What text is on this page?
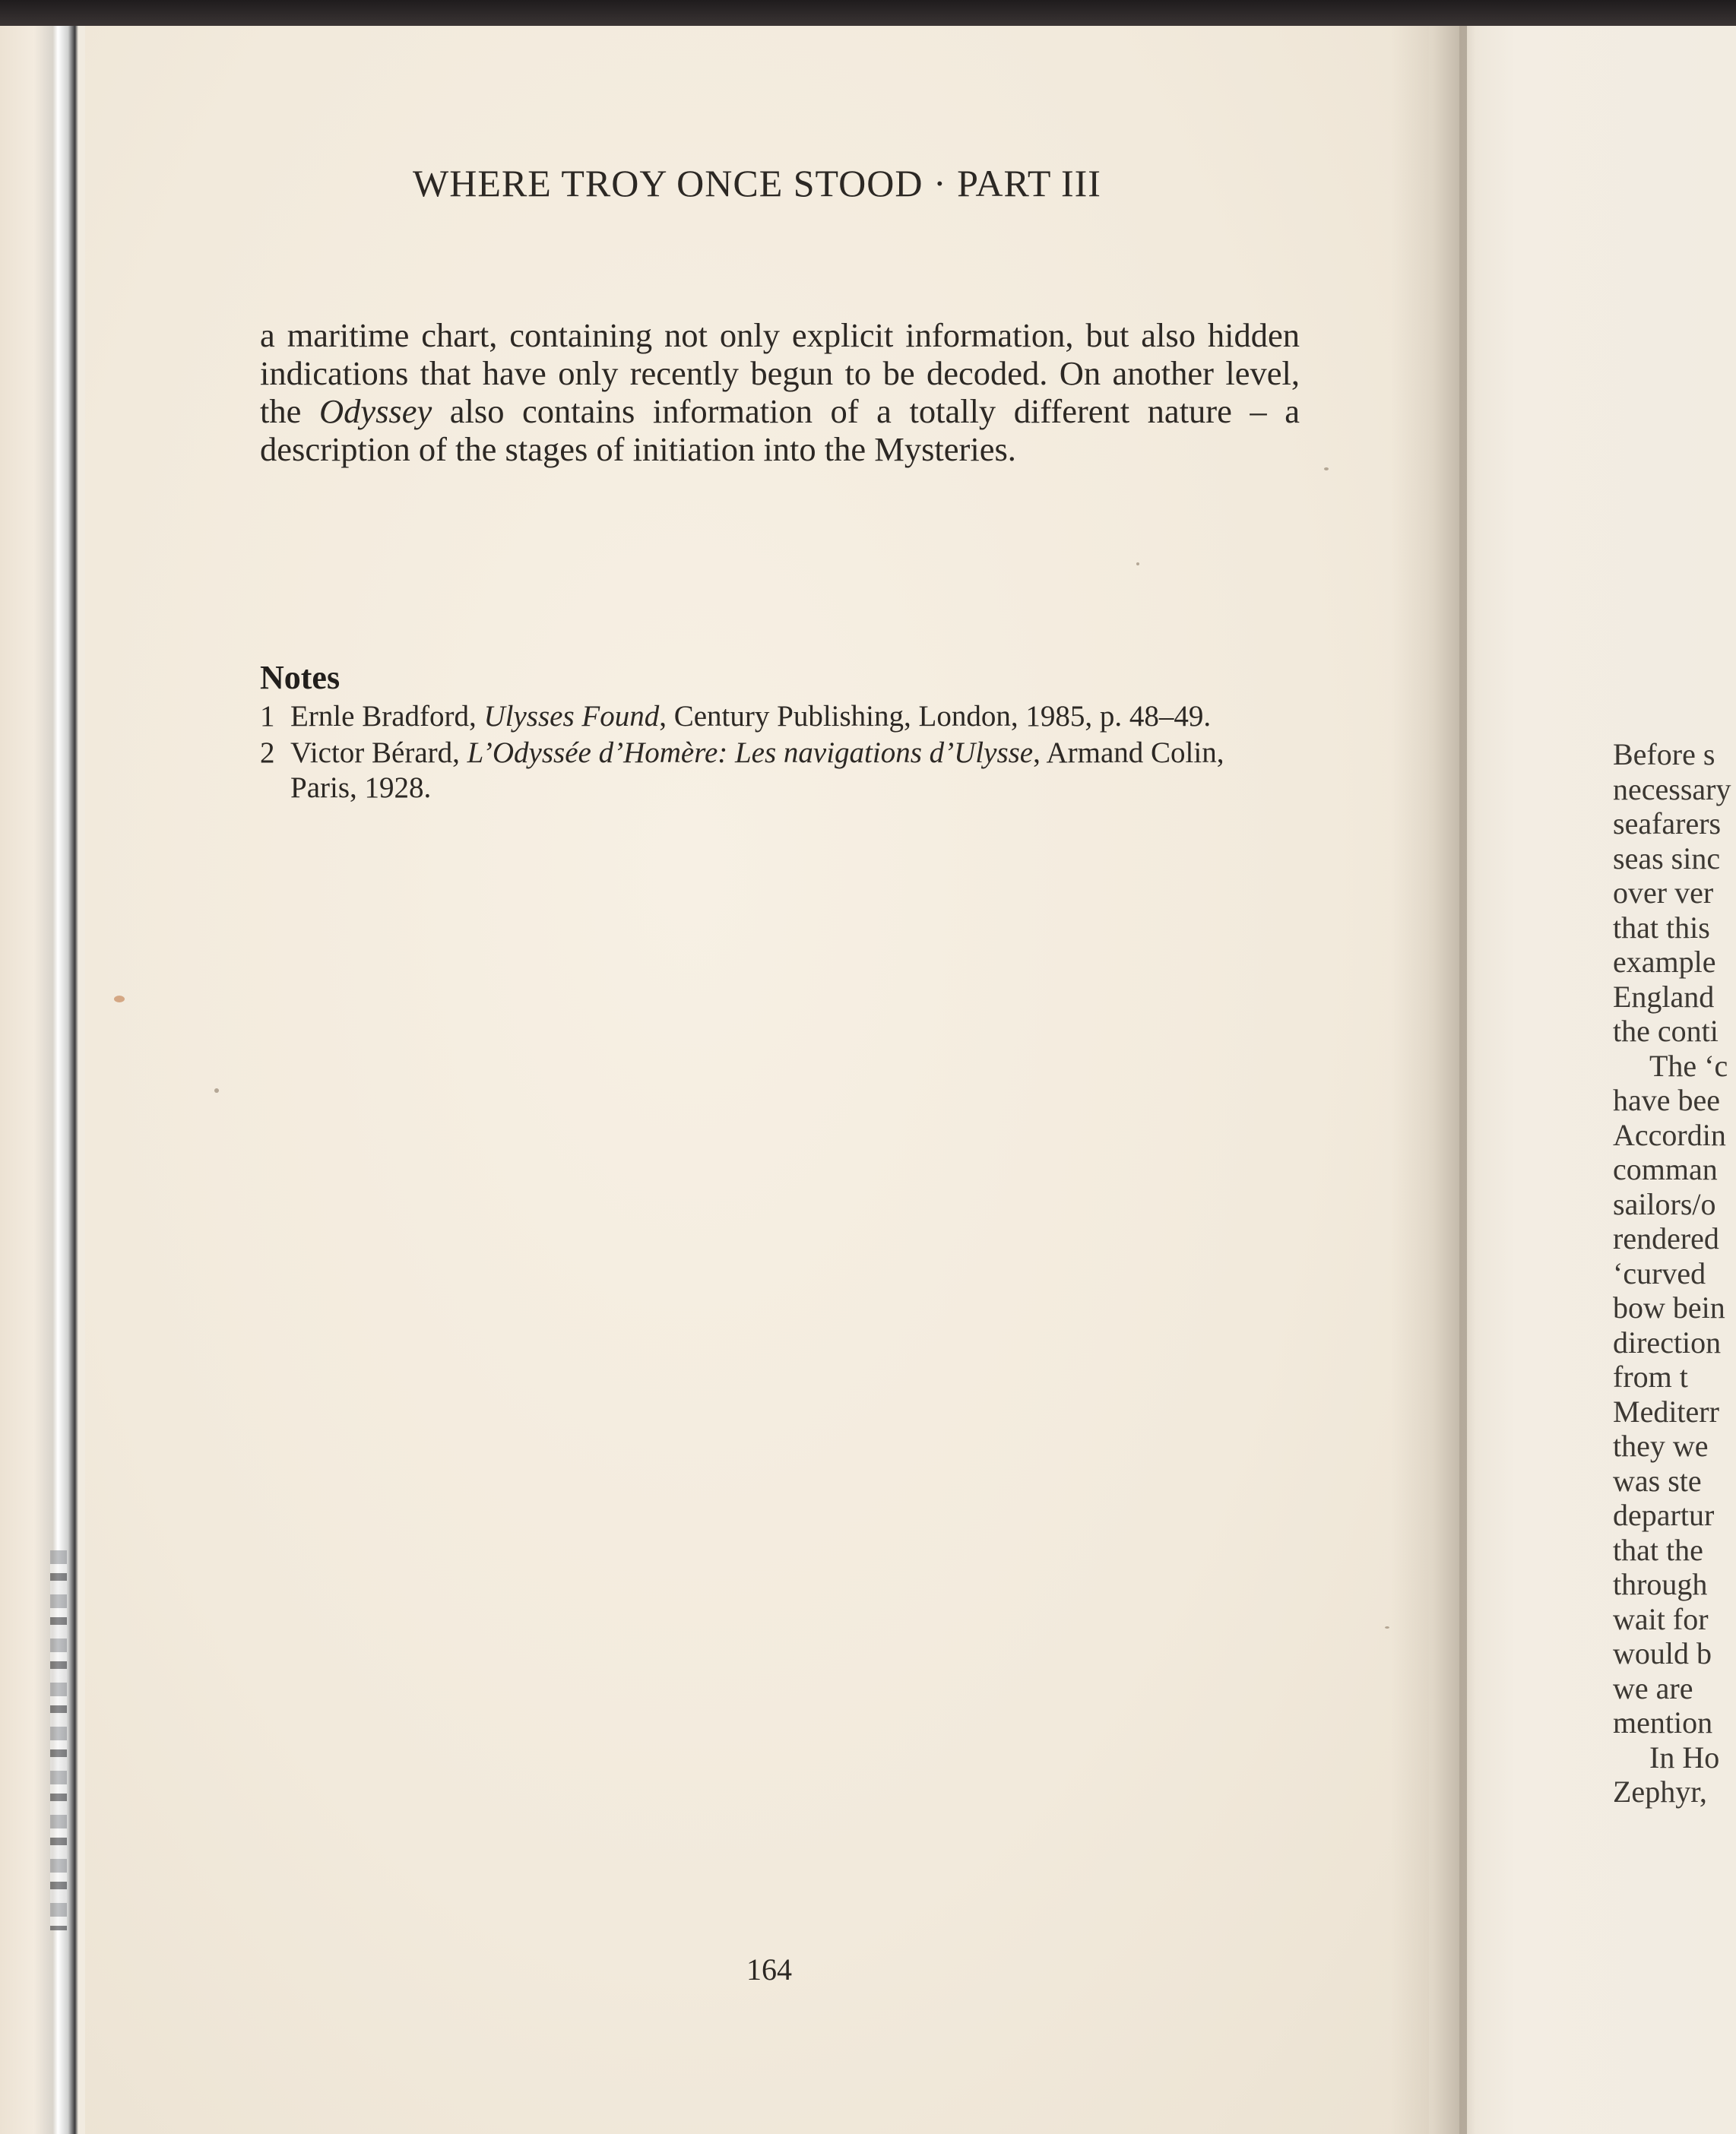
WHERE TROY ONCE STOOD · PART III

a maritime chart, containing not only explicit information, but also hidden indications that have only recently begun to be decoded. On another level, the Odyssey also contains information of a totally different nature – a description of the stages of initiation into the Mysteries.

Notes
1 Ernle Bradford, Ulysses Found, Century Publishing, London, 1985, p. 48–49.
2 Victor Bérard, L’Odyssée d’Homère: Les navigations d’Ulysse, Armand Colin, Paris, 1928.
164
Before s
necessary
seafarers
seas sinc
over ver
that this
example
England
the conti
The ‘c
have bee
Accordin
comman
sailors/o
rendered
‘curved
bow bein
direction
from t
Mediterr
they we
was ste
departur
that the
through
wait for
would b
we are
mention
In Ho
Zephyr,
